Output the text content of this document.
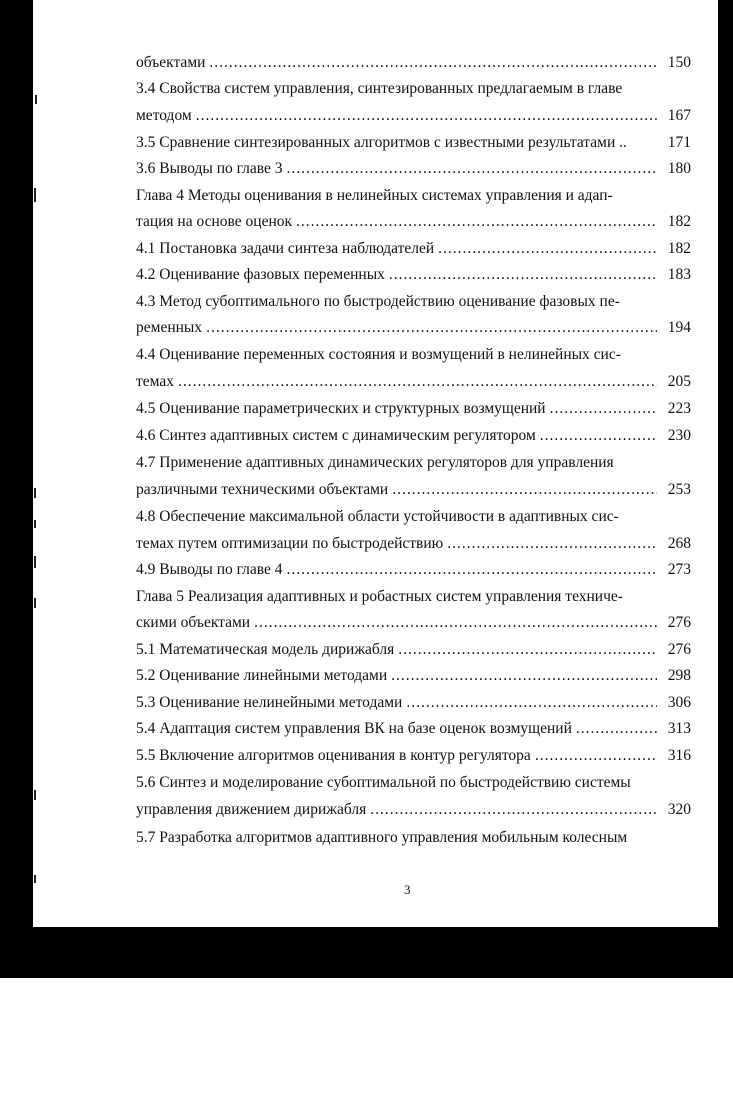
объектами .....	150
3.4 Свойства систем управления, синтезированных предлагаемым в главе
методом .....	167
3.5 Сравнение синтезированных алгоритмов с известными результатами ..	171
3.6 Выводы по главе 3 .....	180
Глава 4 Методы оценивания в нелинейных системах управления и адап-
тация на основе оценок .....	182
4.1 Постановка задачи синтеза наблюдателей .....	182
4.2 Оценивание фазовых переменных .....	183
4.3 Метод субоптимального по быстродействию оценивание фазовых пе-
ременных .....	194
4.4 Оценивание переменных состояния и возмущений в нелинейных сис-
темах .....	205
4.5 Оценивание параметрических и структурных возмущений .....	223
4.6 Синтез адаптивных систем с динамическим регулятором .....	230
4.7 Применение адаптивных динамических регуляторов для управления
различными техническими объектами .....	253
4.8 Обеспечение максимальной области устойчивости в адаптивных сис-
темах путем оптимизации по быстродействию .....	268
4.9 Выводы по главе 4 .....	273
Глава 5 Реализация адаптивных и робастных систем управления техниче-
скими объектами .....	276
5.1 Математическая модель дирижабля .....	276
5.2 Оценивание линейными методами .....	298
5.3 Оценивание нелинейными методами .....	306
5.4 Адаптация систем управления ВК на базе оценок возмущений .....	313
5.5 Включение алгоритмов оценивания в контур регулятора .....	316
5.6 Синтез и моделирование субоптимальной по быстродействию системы
управления движением дирижабля .....	320
5.7 Разработка алгоритмов адаптивного управления мобильным колесным
3
